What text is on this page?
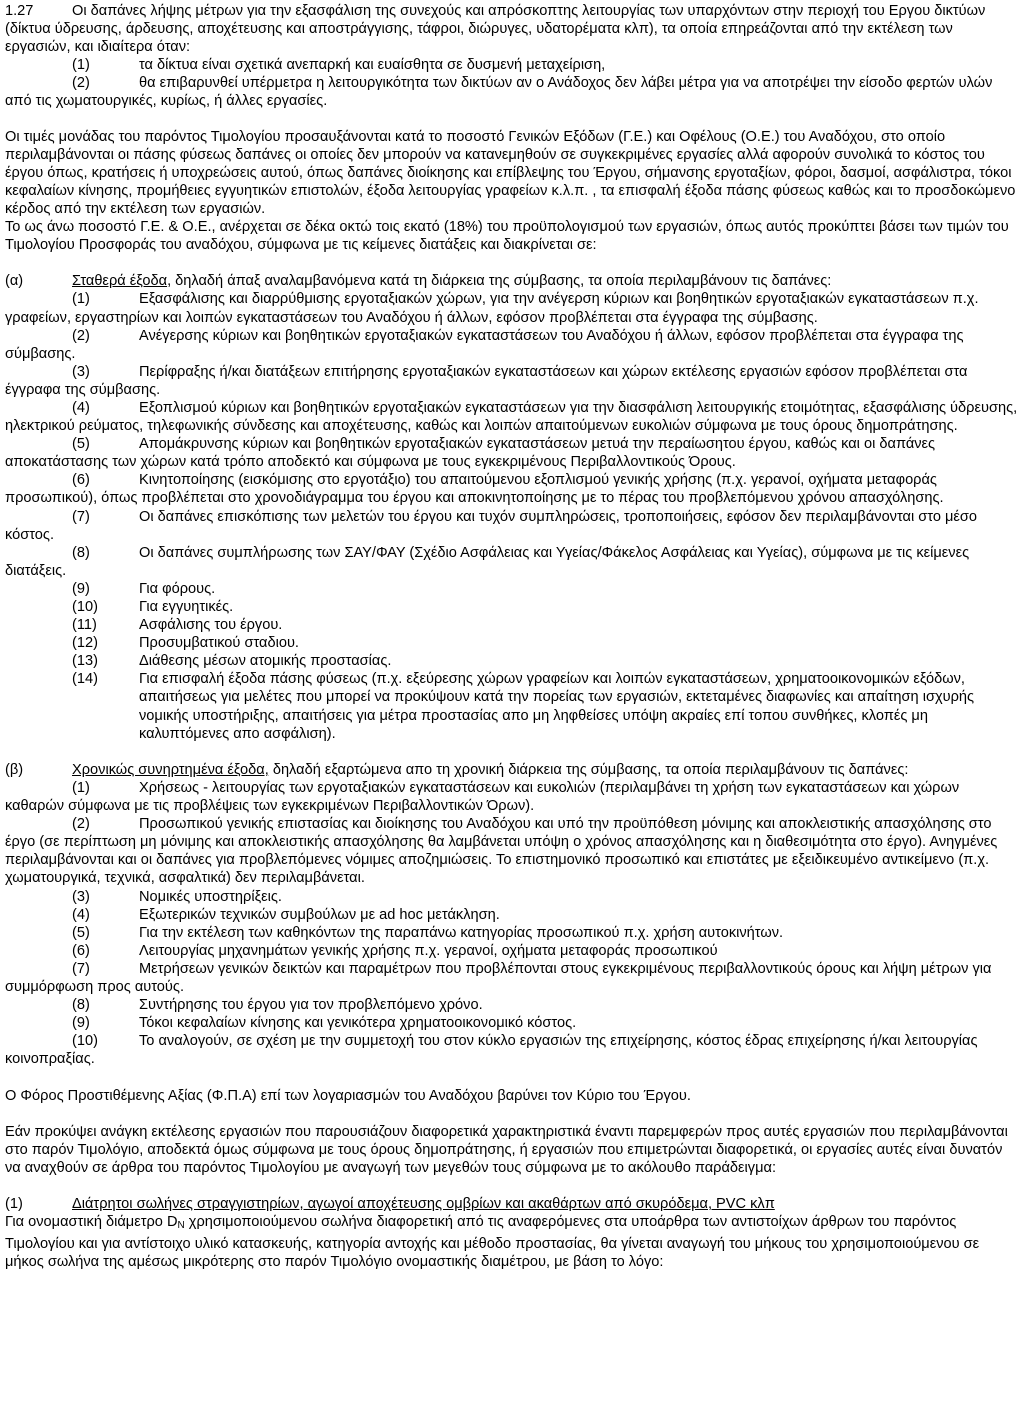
1.27	Οι δαπάνες λήψης μέτρων για την εξασφάλιση της συνεχούς και απρόσκοπτης λειτουργίας των υπαρχόντων στην περιοχή του Εργου δικτύων (δίκτυα ύδρευσης, άρδευσης, αποχέτευσης και αποστράγγισης, τάφροι, διώρυγες, υδατορέματα κλπ), τα οποία επηρεάζονται από την εκτέλεση των εργασιών, και ιδιαίτερα όταν:

(1)	τα δίκτυα είναι σχετικά ανεπαρκή και ευαίσθητα σε δυσμενή μεταχείριση,

(2)	θα επιβαρυνθεί υπέρμετρα η λειτουργικότητα των δικτύων αν ο Ανάδοχος δεν λάβει μέτρα για να αποτρέψει την είσοδο φερτών υλών από τις χωματουργικές, κυρίως, ή άλλες εργασίες.

Οι τιμές μονάδας του παρόντος Τιμολογίου προσαυξάνονται κατά το ποσοστό Γενικών Εξόδων (Γ.Ε.) και Οφέλους (Ο.Ε.) του Αναδόχου, στο οποίο περιλαμβάνονται οι πάσης φύσεως δαπάνες οι οποίες δεν μπορούν να κατανεμηθούν σε συγκεκριμένες εργασίες αλλά αφορούν συνολικά το κόστος του έργου όπως, κρατήσεις ή υποχρεώσεις αυτού, όπως δαπάνες διοίκησης και επίβλεψης του Έργου, σήμανσης εργοταξίων, φόροι, δασμοί, ασφάλιστρα, τόκοι κεφαλαίων κίνησης, προμήθειες εγγυητικών επιστολών, έξοδα λειτουργίας γραφείων κ.λ.π. , τα επισφαλή έξοδα πάσης φύσεως καθώς και το προσδοκώμενο κέρδος από την εκτέλεση των εργασιών.

Το ως άνω ποσοστό Γ.Ε. & Ο.Ε., ανέρχεται σε δέκα οκτώ τοις εκατό (18%) του προϋπολογισμού των εργασιών, όπως αυτός προκύπτει βάσει των τιμών του Τιμολογίου Προσφοράς του αναδόχου, σύμφωνα με τις κείμενες διατάξεις και διακρίνεται σε:

(α)	Σταθερά έξοδα, δηλαδή άπαξ αναλαμβανόμενα κατά τη διάρκεια της σύμβασης, τα οποία περιλαμβάνουν τις δαπάνες:

(1)	Εξασφάλισης και διαρρύθμισης εργοταξιακών χώρων, για την ανέγερση κύριων και βοηθητικών εργοταξιακών εγκαταστάσεων π.χ. γραφείων, εργαστηρίων και λοιπών εγκαταστάσεων του Αναδόχου ή άλλων, εφόσον προβλέπεται στα έγγραφα της σύμβασης.

(2)	Ανέγερσης κύριων και βοηθητικών εργοταξιακών εγκαταστάσεων του Αναδόχου ή άλλων, εφόσον προβλέπεται στα έγγραφα της σύμβασης.

(3)	Περίφραξης ή/και διατάξεων επιτήρησης εργοταξιακών εγκαταστάσεων και χώρων εκτέλεσης εργασιών εφόσον προβλέπεται στα έγγραφα της σύμβασης.

(4)	Εξοπλισμού κύριων και βοηθητικών εργοταξιακών εγκαταστάσεων για την διασφάλιση λειτουργικής ετοιμότητας, εξασφάλισης ύδρευσης, ηλεκτρικού ρεύματος, τηλεφωνικής σύνδεσης και αποχέτευσης, καθώς και λοιπών απαιτούμενων ευκολιών σύμφωνα με τους όρους δημοπράτησης.

(5)	Απομάκρυνσης κύριων και βοηθητικών εργοταξιακών εγκαταστάσεων μετυά την περαίωσητου έργου, καθώς και οι δαπάνες αποκατάστασης των χώρων κατά τρόπο αποδεκτό και σύμφωνα με τους εγκεκριμένους Περιβαλλοντικούς Όρους.

(6)	Κινητοποίησης (εισκόμισης στο εργοτάξιο) του απαιτούμενου εξοπλισμού γενικής χρήσης (π.χ. γερανοί, οχήματα μεταφοράς προσωπικού), όπως προβλέπεται στο χρονοδιάγραμμα του έργου και αποκινητοποίησης με το πέρας του προβλεπόμενου χρόνου απασχόλησης.

(7)	Οι δαπάνες επισκόπισης των μελετών του έργου και τυχόν συμπληρώσεις, τροποποιήσεις, εφόσον δεν περιλαμβάνονται στο μέσο κόστος.

(8)	Οι δαπάνες συμπλήρωσης των ΣΑΥ/ΦΑΥ (Σχέδιο Ασφάλειας και Υγείας/Φάκελος Ασφάλειας και Υγείας), σύμφωνα με τις κείμενες διατάξεις.

(9)	Για φόρους.

(10)	Για εγγυητικές.

(11)	Ασφάλισης του έργου.

(12)	Προσυμβατικού σταδιου.

(13)	Διάθεσης μέσων ατομικής προστασίας.

(14)	Για επισφαλή έξοδα πάσης φύσεως (π.χ. εξεύρεσης χώρων γραφείων και λοιπών εγκαταστάσεων, χρηματοοικονομικών εξόδων, απαιτήσεως για μελέτες που μπορεί να προκύψουν κατά την πορείας των εργασιών, εκτεταμένες διαφωνίες και απαίτηση ισχυρής νομικής υποστήριξης, απαιτήσεις για μέτρα προστασίας απο μη ληφθείσες υπόψη ακραίες επί τοπου συνθήκες, κλοπές μη καλυπτόμενες απο ασφάλιση).

(β)	Χρονικώς συνηρτημένα έξοδα, δηλαδή εξαρτώμενα απο τη χρονική διάρκεια της σύμβασης, τα οποία περιλαμβάνουν τις δαπάνες:

(1)	Χρήσεως - λειτουργίας των εργοταξιακών εγκαταστάσεων και ευκολιών (περιλαμβάνει τη χρήση των εγκαταστάσεων και χώρων καθαρών σύμφωνα με τις προβλέψεις των εγκεκριμένων Περιβαλλοντικών Όρων).

(2)	Προσωπικού γενικής επιστασίας και διοίκησης του Αναδόχου και υπό την προϋπόθεση μόνιμης και αποκλειστικής απασχόλησης στο έργο (σε περίπτωση μη μόνιμης και αποκλειστικής απασχόλησης θα λαμβάνεται υπόψη ο χρόνος απασχόλησης και η διαθεσιμότητα στο έργο). Ανηγμένες περιλαμβάνονται και οι δαπάνες για προβλεπόμενες νόμιμες αποζημιώσεις. Το επιστημονικό προσωπικό και επιστάτες με εξειδικευμένο αντικείμενο (π.χ. χωματουργικά, τεχνικά, ασφαλτικά) δεν περιλαμβάνεται.

(3)	Νομικές υποστηρίξεις.

(4)	Εξωτερικών τεχνικών συμβούλων με ad hoc μετάκληση.

(5)	Για την εκτέλεση των καθηκόντων της παραπάνω κατηγορίας προσωπικού π.χ. χρήση αυτοκινήτων.

(6)	Λειτουργίας μηχανημάτων γενικής χρήσης π.χ. γερανοί, οχήματα μεταφοράς προσωπικού

(7)	Μετρήσεων γενικών δεικτών και παραμέτρων που προβλέπονται στους εγκεκριμένους περιβαλλοντικούς όρους και λήψη μέτρων για συμμόρφωση προς αυτούς.

(8)	Συντήρησης του έργου για τον προβλεπόμενο χρόνο.

(9)	Τόκοι κεφαλαίων κίνησης και γενικότερα χρηματοοικονομικό κόστος.

(10)	Το αναλογούν, σε σχέση με την συμμετοχή του στον κύκλο εργασιών της επιχείρησης, κόστος έδρας επιχείρησης ή/και λειτουργίας κοινοπραξίας.

Ο Φόρος Προστιθέμενης Αξίας (Φ.Π.Α) επί των λογαριασμών του Αναδόχου βαρύνει τον Κύριο του Έργου.

Εάν προκύψει ανάγκη εκτέλεσης εργασιών που παρουσιάζουν διαφορετικά χαρακτηριστικά έναντι παρεμφερών προς αυτές εργασιών που περιλαμβάνονται στο παρόν Τιμολόγιο, αποδεκτά όμως σύμφωνα με τους όρους δημοπράτησης, ή εργασιών που επιμετρώνται διαφορετικά, οι εργασίες αυτές είναι δυνατόν να αναχθούν σε άρθρα του παρόντος Τιμολογίου με αναγωγή των μεγεθών τους σύμφωνα με το ακόλουθο παράδειγμα:

(1)	Διάτρητοι σωλήνες στραγγιστηρίων, αγωγοί αποχέτευσης ομβρίων και ακαθάρτων από σκυρόδεμα, PVC κλπ

Για ονομαστική διάμετρο $D_N$ χρησιμοποιούμενου σωλήνα διαφορετική από τις αναφερόμενες στα υποάρθρα των αντιστοίχων άρθρων του παρόντος Τιμολογίου και για αντίστοιχο υλικό κατασκευής, κατηγορία αντοχής και μέθοδο προστασίας, θα γίνεται αναγωγή του μήκους του χρησιμοποιούμενου σε μήκος σωλήνα της αμέσως μικρότερης στο παρόν Τιμολόγιο ονομαστικής διαμέτρου, με βάση το λόγο:
